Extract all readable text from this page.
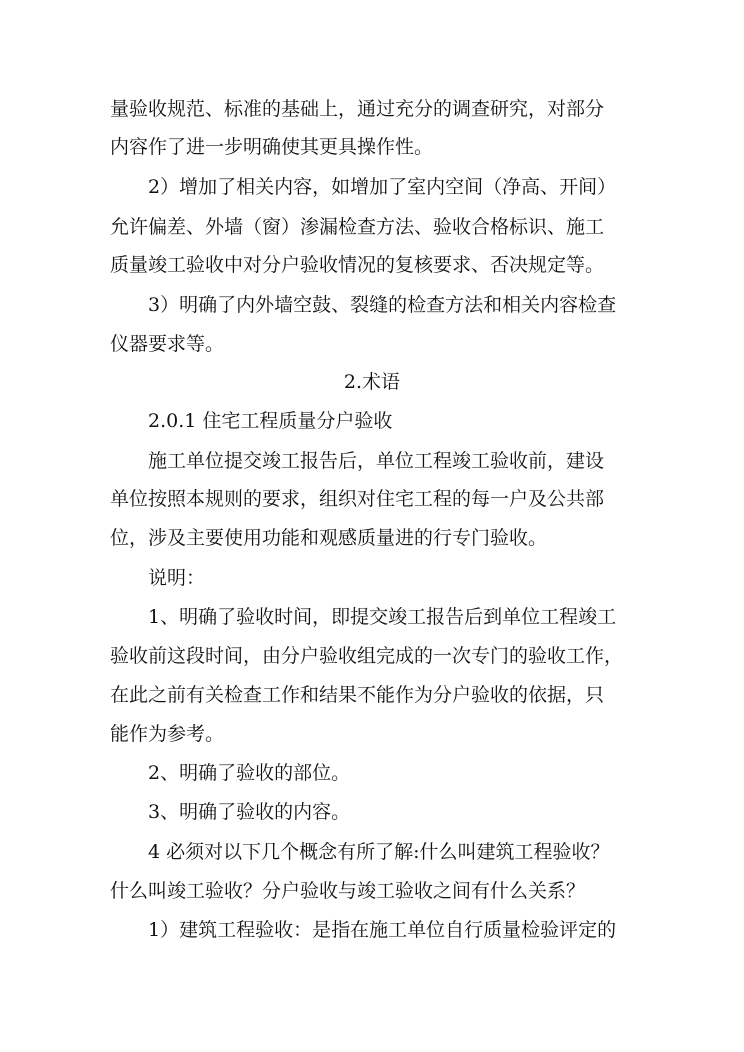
量验收规范、标准的基础上，通过充分的调查研究，对部分
内容作了进一步明确使其更具操作性。
2）增加了相关内容，如增加了室内空间（净高、开间）
允许偏差、外墙（窗）渗漏检查方法、验收合格标识、施工
质量竣工验收中对分户验收情况的复核要求、否决规定等。
3）明确了内外墙空鼓、裂缝的检查方法和相关内容检查
仪器要求等。
2.术语
2.0.1 住宅工程质量分户验收
施工单位提交竣工报告后，单位工程竣工验收前，建设
单位按照本规则的要求，组织对住宅工程的每一户及公共部
位，涉及主要使用功能和观感质量进的行专门验收。
说明：
1、明确了验收时间，即提交竣工报告后到单位工程竣工
验收前这段时间，由分户验收组完成的一次专门的验收工作，
在此之前有关检查工作和结果不能作为分户验收的依据，只
能作为参考。
2、明确了验收的部位。
3、明确了验收的内容。
4 必须对以下几个概念有所了解:什么叫建筑工程验收？
什么叫竣工验收？分户验收与竣工验收之间有什么关系？
1）建筑工程验收：是指在施工单位自行质量检验评定的
